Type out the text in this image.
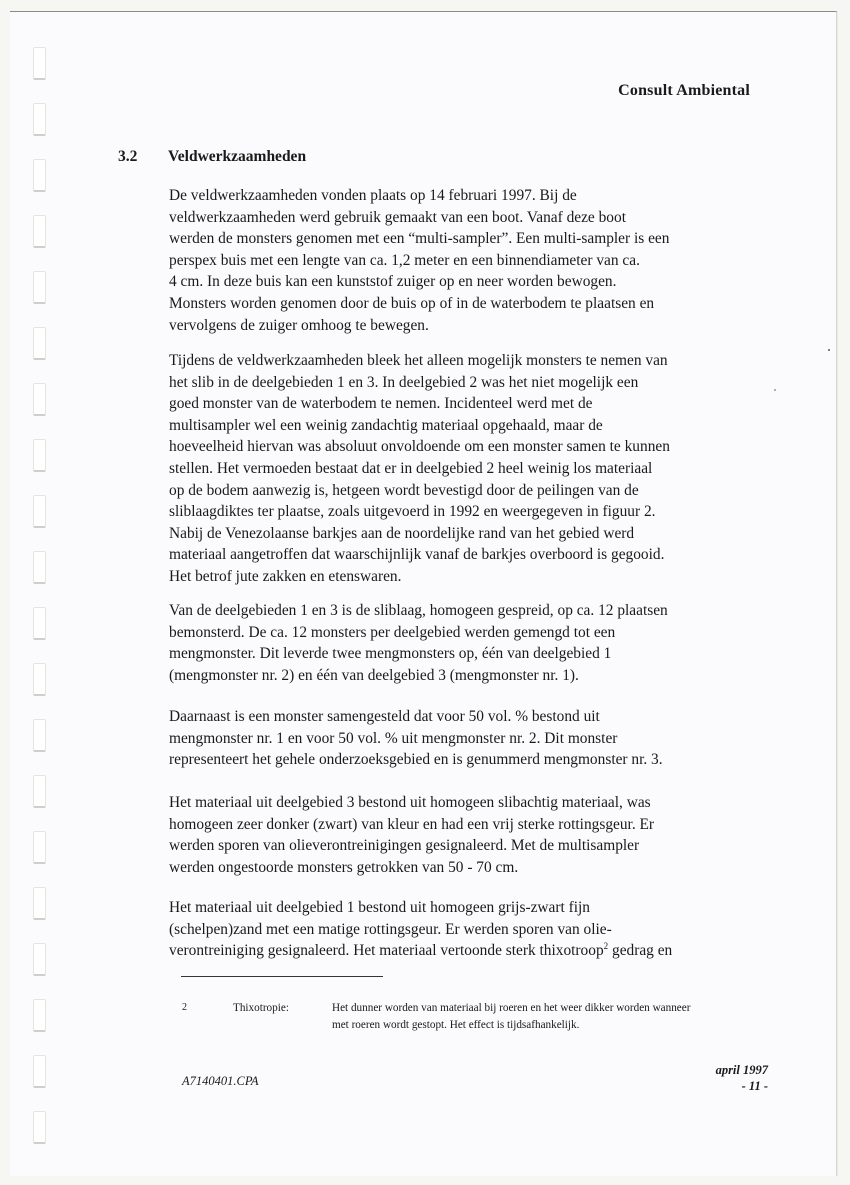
Consult Ambiental
3.2	Veldwerkzaamheden

De veldwerkzaamheden vonden plaats op 14 februari 1997. Bij de

veldwerkzaamheden werd gebruik gemaakt van een boot. Vanaf deze boot

werden de monsters genomen met een “multi-sampler”. Een multi-sampler is een

perspex buis met een lengte van ca. 1,2 meter en een binnendiameter van ca.

4 cm. In deze buis kan een kunststof zuiger op en neer worden bewogen.

Monsters worden genomen door de buis op of in de waterbodem te plaatsen en

vervolgens de zuiger omhoog te bewegen.

Tijdens de veldwerkzaamheden bleek het alleen mogelijk monsters te nemen van

het slib in de deelgebieden 1 en 3. In deelgebied 2 was het niet mogelijk een

goed monster van de waterbodem te nemen. Incidenteel werd met de

multisampler wel een weinig zandachtig materiaal opgehaald, maar de

hoeveelheid hiervan was absoluut onvoldoende om een monster samen te kunnen

stellen. Het vermoeden bestaat dat er in deelgebied 2 heel weinig los materiaal

op de bodem aanwezig is, hetgeen wordt bevestigd door de peilingen van de

sliblaagdiktes ter plaatse, zoals uitgevoerd in 1992 en weergegeven in figuur 2.

Nabij de Venezolaanse barkjes aan de noordelijke rand van het gebied werd

materiaal aangetroffen dat waarschijnlijk vanaf de barkjes overboord is gegooid.

Het betrof jute zakken en etenswaren.

Van de deelgebieden 1 en 3 is de sliblaag, homogeen gespreid, op ca. 12 plaatsen

bemonsterd. De ca. 12 monsters per deelgebied werden gemengd tot een

mengmonster. Dit leverde twee mengmonsters op, één van deelgebied 1

(mengmonster nr. 2) en één van deelgebied 3 (mengmonster nr. 1).

Daarnaast is een monster samengesteld dat voor 50 vol. % bestond uit

mengmonster nr. 1 en voor 50 vol. % uit mengmonster nr. 2. Dit monster

representeert het gehele onderzoeksgebied en is genummerd mengmonster nr. 3.

Het materiaal uit deelgebied 3 bestond uit homogeen slibachtig materiaal, was

homogeen zeer donker (zwart) van kleur en had een vrij sterke rottingsgeur. Er

werden sporen van olieverontreinigingen gesignaleerd. Met de multisampler

werden ongestoorde monsters getrokken van 50 - 70 cm.

Het materiaal uit deelgebied 1 bestond uit homogeen grijs-zwart fijn

(schelpen)zand met een matige rottingsgeur. Er werden sporen van olie-

verontreiniging gesignaleerd. Het materiaal vertoonde sterk thixotroop$^2$ gedrag en

2	Thixotropie:	Het dunner worden van materiaal bij roeren en het weer dikker worden wanneer
met roeren wordt gestopt. Het effect is tijdsafhankelijk.
A7140401.CPA
april 1997
- 11 -
